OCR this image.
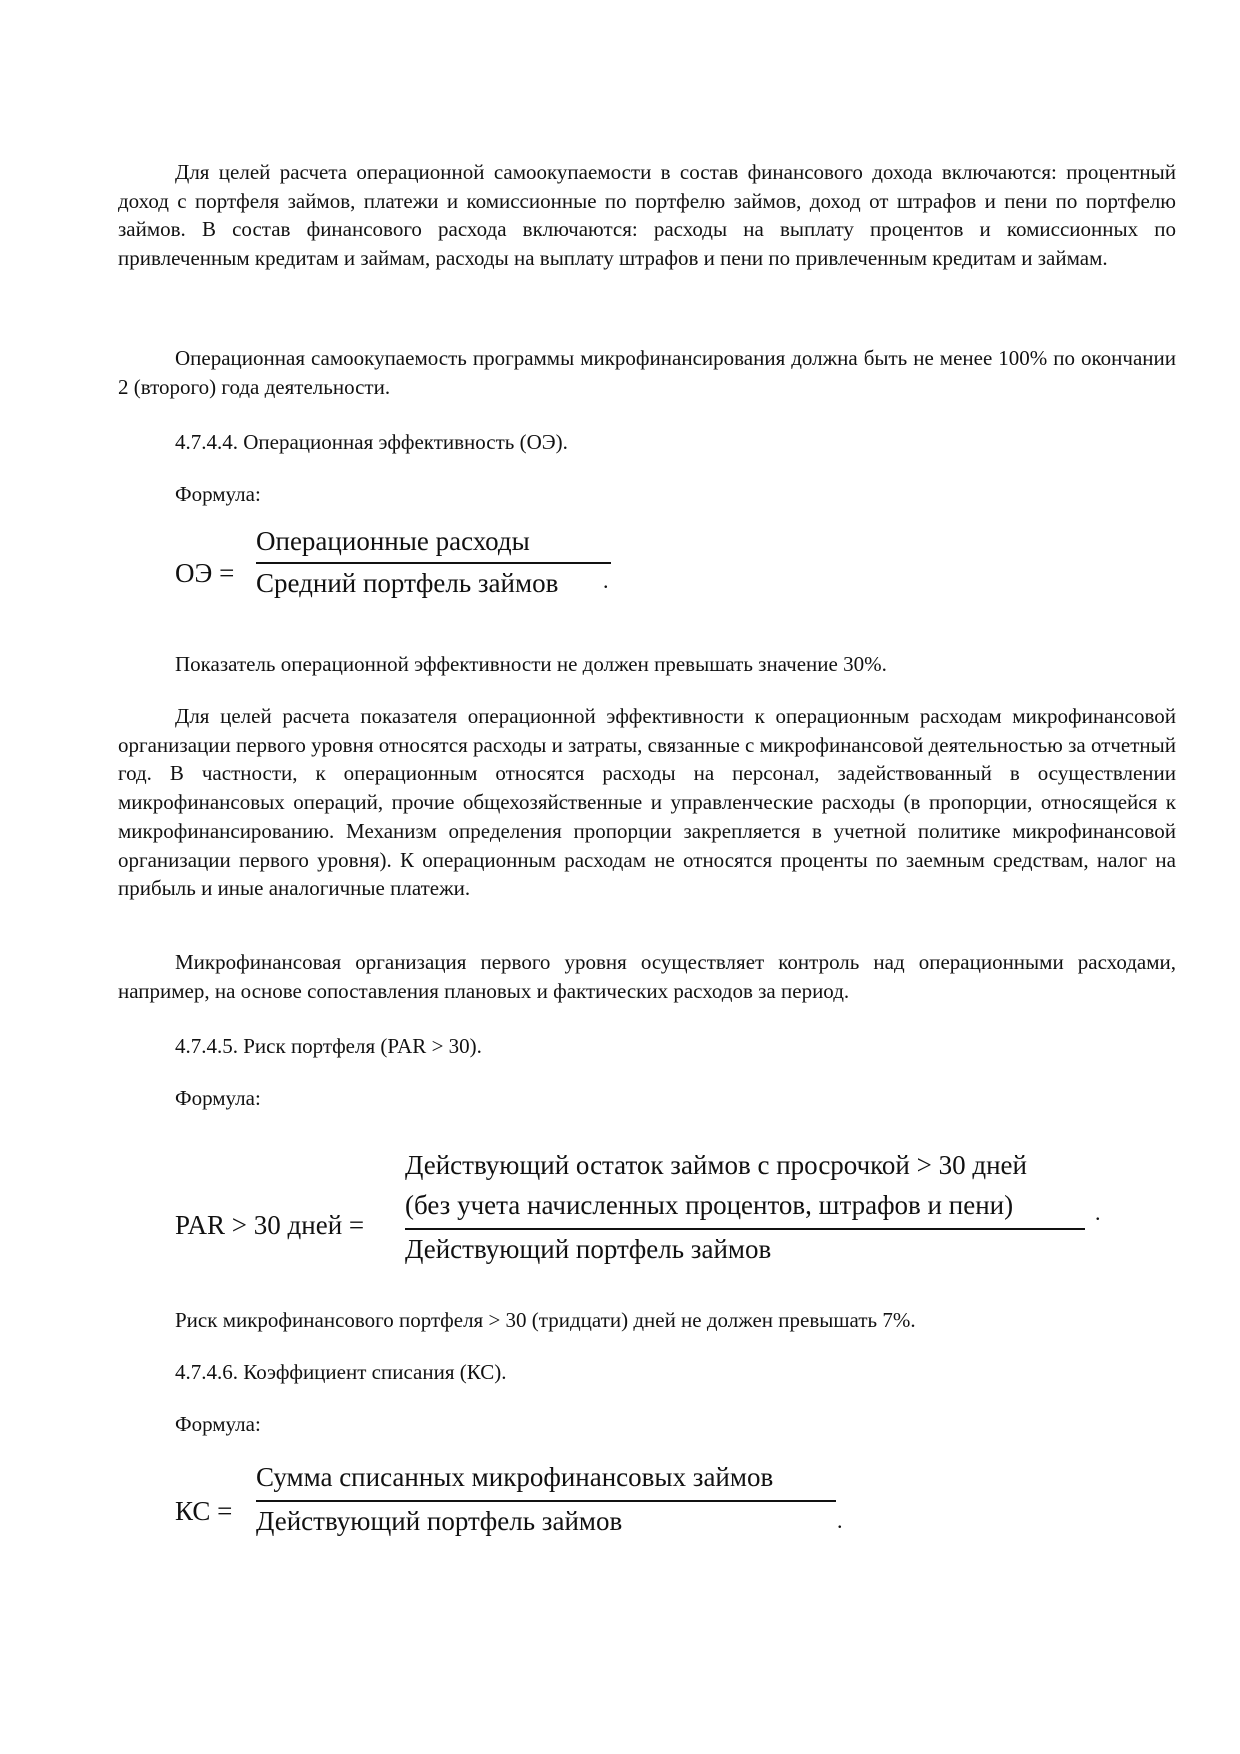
Для целей расчета операционной самоокупаемости в состав финансового дохода включаются: процентный доход с портфеля займов, платежи и комиссионные по портфелю займов, доход от штрафов и пени по портфелю займов. В состав финансового расхода включаются: расходы на выплату процентов и комиссионных по привлеченным кредитам и займам, расходы на выплату штрафов и пени по привлеченным кредитам и займам.

Операционная самоокупаемость программы микрофинансирования должна быть не менее 100% по окончании 2 (второго) года деятельности.

4.7.4.4. Операционная эффективность (ОЭ).

Формула:

ОЭ =
Операционные расходы
Средний портфель займов .

Показатель операционной эффективности не должен превышать значение 30%.

Для целей расчета показателя операционной эффективности к операционным расходам микрофинансовой организации первого уровня относятся расходы и затраты, связанные с микрофинансовой деятельностью за отчетный год. В частности, к операционным относятся расходы на персонал, задействованный в осуществлении микрофинансовых операций, прочие общехозяйственные и управленческие расходы (в пропорции, относящейся к микрофинансированию. Механизм определения пропорции закрепляется в учетной политике микрофинансовой организации первого уровня). К операционным расходам не относятся проценты по заемным средствам, налог на прибыль и иные аналогичные платежи.

Микрофинансовая организация первого уровня осуществляет контроль над операционными расходами, например, на основе сопоставления плановых и фактических расходов за период.

4.7.4.5. Риск портфеля (PAR > 30).

Формула:

PAR > 30 дней =
Действующий остаток займов с просрочкой > 30 дней
(без учета начисленных процентов, штрафов и пени)
Действующий портфель займов
.

Риск микрофинансового портфеля > 30 (тридцати) дней не должен превышать 7%.

4.7.4.6. Коэффициент списания (КС).

Формула:

КС =
Сумма списанных микрофинансовых займов
Действующий портфель займов	.
